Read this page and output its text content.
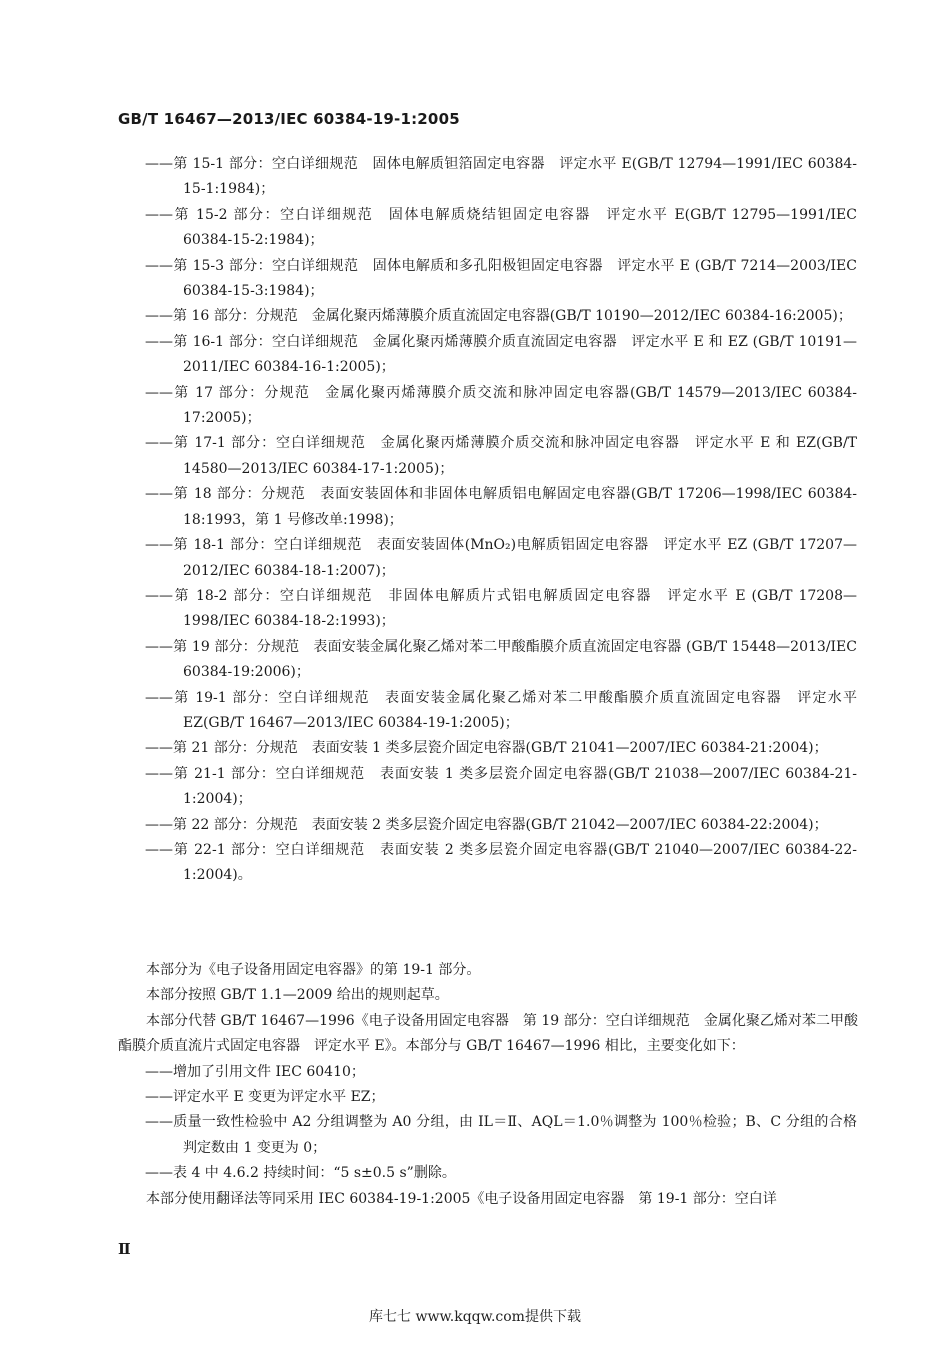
GB/T 16467—2013/IEC 60384-19-1:2005
——第 15-1 部分：空白详细规范　固体电解质钽箔固定电容器　评定水平 E(GB/T 12794—1991/IEC 60384-15-1:1984)；
——第 15-2 部分：空白详细规范　固体电解质烧结钽固定电容器　评定水平 E(GB/T 12795—1991/IEC 60384-15-2:1984)；
——第 15-3 部分：空白详细规范　固体电解质和多孔阳极钽固定电容器　评定水平 E (GB/T 7214—2003/IEC 60384-15-3:1984)；
——第 16 部分：分规范　金属化聚丙烯薄膜介质直流固定电容器(GB/T 10190—2012/IEC 60384-16:2005)；
——第 16-1 部分：空白详细规范　金属化聚丙烯薄膜介质直流固定电容器　评定水平 E 和 EZ (GB/T 10191—2011/IEC 60384-16-1:2005)；
——第 17 部分：分规范　金属化聚丙烯薄膜介质交流和脉冲固定电容器(GB/T 14579—2013/IEC 60384-17:2005)；
——第 17-1 部分：空白详细规范　金属化聚丙烯薄膜介质交流和脉冲固定电容器　评定水平 E 和 EZ(GB/T 14580—2013/IEC 60384-17-1:2005)；
——第 18 部分：分规范　表面安装固体和非固体电解质铝电解固定电容器(GB/T 17206—1998/IEC 60384-18:1993，第 1 号修改单:1998)；
——第 18-1 部分：空白详细规范　表面安装固体(MnO₂)电解质铝固定电容器　评定水平 EZ (GB/T 17207—2012/IEC 60384-18-1:2007)；
——第 18-2 部分：空白详细规范　非固体电解质片式铝电解质固定电容器　评定水平 E (GB/T 17208—1998/IEC 60384-18-2:1993)；
——第 19 部分：分规范　表面安装金属化聚乙烯对苯二甲酸酯膜介质直流固定电容器 (GB/T 15448—2013/IEC 60384-19:2006)；
——第 19-1 部分：空白详细规范　表面安装金属化聚乙烯对苯二甲酸酯膜介质直流固定电容器　评定水平 EZ(GB/T 16467—2013/IEC 60384-19-1:2005)；
——第 21 部分：分规范　表面安装 1 类多层瓷介固定电容器(GB/T 21041—2007/IEC 60384-21:2004)；
——第 21-1 部分：空白详细规范　表面安装 1 类多层瓷介固定电容器(GB/T 21038—2007/IEC 60384-21-1:2004)；
——第 22 部分：分规范　表面安装 2 类多层瓷介固定电容器(GB/T 21042—2007/IEC 60384-22:2004)；
——第 22-1 部分：空白详细规范　表面安装 2 类多层瓷介固定电容器(GB/T 21040—2007/IEC 60384-22-1:2004)。
本部分为《电子设备用固定电容器》的第 19-1 部分。
本部分按照 GB/T 1.1—2009 给出的规则起草。
本部分代替 GB/T 16467—1996《电子设备用固定电容器　第 19 部分：空白详细规范　金属化聚乙烯对苯二甲酸酯膜介质直流片式固定电容器　评定水平 E》。本部分与 GB/T 16467—1996 相比，主要变化如下：
——增加了引用文件 IEC 60410；
——评定水平 E 变更为评定水平 EZ；
——质量一致性检验中 A2 分组调整为 A0 分组，由 IL＝Ⅱ、AQL＝1.0％调整为 100％检验；B、C 分组的合格判定数由 1 变更为 0；
——表 4 中 4.6.2 持续时间：“5 s±0.5 s”删除。
本部分使用翻译法等同采用 IEC 60384-19-1:2005《电子设备用固定电容器　第 19-1 部分：空白详
Ⅱ
库七七 www.kqqw.com提供下载
